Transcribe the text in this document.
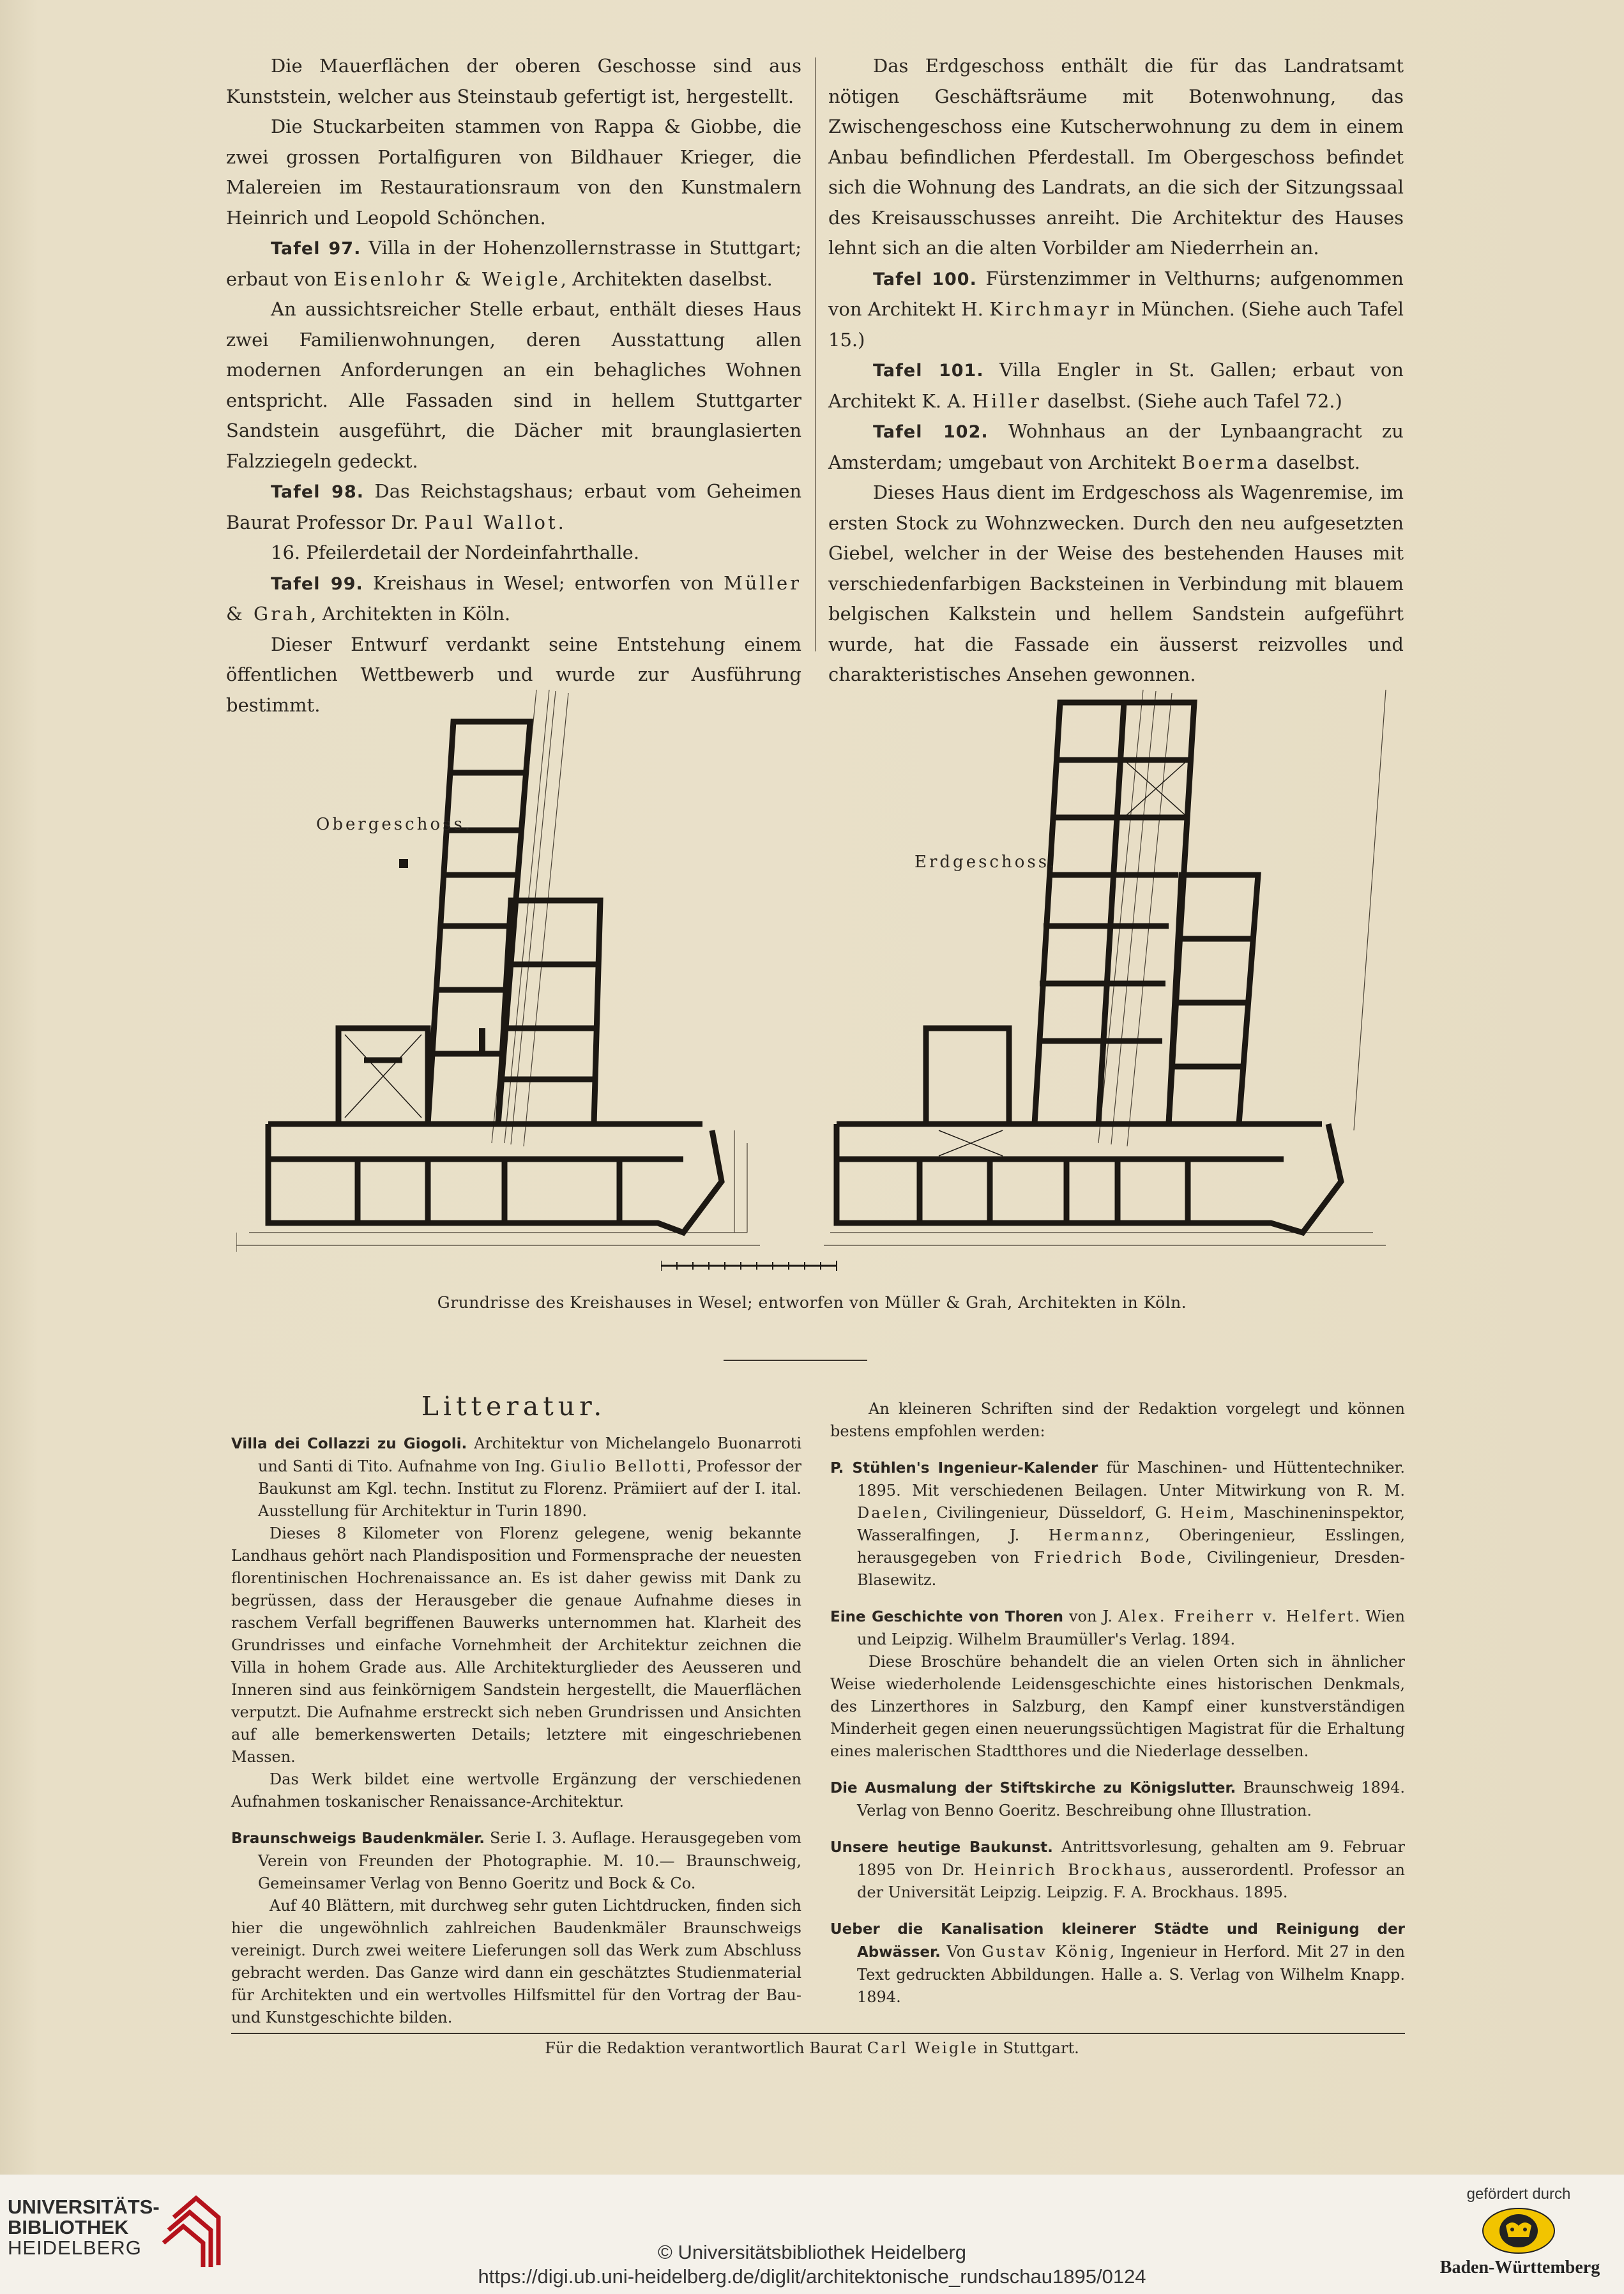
Die Mauerflächen der oberen Geschosse sind aus Kunststein, welcher aus Steinstaub gefertigt ist, hergestellt.

Die Stuckarbeiten stammen von Rappa & Giobbe, die zwei grossen Portalfiguren von Bildhauer Krieger, die Malereien im Restaurationsraum von den Kunstmalern Heinrich und Leopold Schönchen.

Tafel 97. Villa in der Hohenzollernstrasse in Stuttgart; erbaut von Eisenlohr & Weigle, Architekten daselbst.

An aussichtsreicher Stelle erbaut, enthält dieses Haus zwei Familienwohnungen, deren Ausstattung allen modernen Anforderungen an ein behagliches Wohnen entspricht. Alle Fassaden sind in hellem Stuttgarter Sandstein ausgeführt, die Dächer mit braunglasierten Falzziegeln gedeckt.

Tafel 98. Das Reichstagshaus; erbaut vom Geheimen Baurat Professor Dr. Paul Wallot.

16. Pfeilerdetail der Nordeinfahrthalle.

Tafel 99. Kreishaus in Wesel; entworfen von Müller & Grah, Architekten in Köln.

Dieser Entwurf verdankt seine Entstehung einem öffentlichen Wettbewerb und wurde zur Ausführung bestimmt.

Das Erdgeschoss enthält die für das Landratsamt nötigen Geschäftsräume mit Botenwohnung, das Zwischengeschoss eine Kutscherwohnung zu dem in einem Anbau befindlichen Pferdestall. Im Obergeschoss befindet sich die Wohnung des Landrats, an die sich der Sitzungssaal des Kreisausschusses anreiht. Die Architektur des Hauses lehnt sich an die alten Vorbilder am Niederrhein an.

Tafel 100. Fürstenzimmer in Velthurns; aufgenommen von Architekt H. Kirchmayr in München. (Siehe auch Tafel 15.)

Tafel 101. Villa Engler in St. Gallen; erbaut von Architekt K. A. Hiller daselbst. (Siehe auch Tafel 72.)

Tafel 102. Wohnhaus an der Lynbaangracht zu Amsterdam; umgebaut von Architekt Boerma daselbst.

Dieses Haus dient im Erdgeschoss als Wagenremise, im ersten Stock zu Wohnzwecken. Durch den neu aufgesetzten Giebel, welcher in der Weise des bestehenden Hauses mit verschiedenfarbigen Backsteinen in Verbindung mit blauem belgischen Kalkstein und hellem Sandstein aufgeführt wurde, hat die Fassade ein äusserst reizvolles und charakteristisches Ansehen gewonnen.

Obergeschoss.
Erdgeschoss.
Grundrisse des Kreishauses in Wesel; entworfen von Müller & Grah, Architekten in Köln.
Litteratur.

Villa dei Collazzi zu Giogoli. Architektur von Michelangelo Buonarroti und Santi di Tito. Aufnahme von Ing. Giulio Bellotti, Professor der Baukunst am Kgl. techn. Institut zu Florenz. Prämiiert auf der I. ital. Ausstellung für Architektur in Turin 1890.

Dieses 8 Kilometer von Florenz gelegene, wenig bekannte Landhaus gehört nach Plandisposition und Formensprache der neuesten florentinischen Hochrenaissance an. Es ist daher gewiss mit Dank zu begrüssen, dass der Herausgeber die genaue Aufnahme dieses in raschem Verfall begriffenen Bauwerks unternommen hat. Klarheit des Grundrisses und einfache Vornehmheit der Architektur zeichnen die Villa in hohem Grade aus. Alle Architekturglieder des Aeusseren und Inneren sind aus feinkörnigem Sandstein hergestellt, die Mauerflächen verputzt. Die Aufnahme erstreckt sich neben Grundrissen und Ansichten auf alle bemerkenswerten Details; letztere mit eingeschriebenen Massen.

Das Werk bildet eine wertvolle Ergänzung der verschiedenen Aufnahmen toskanischer Renaissance-Architektur.

Braunschweigs Baudenkmäler. Serie I. 3. Auflage. Herausgegeben vom Verein von Freunden der Photographie. M. 10.— Braunschweig, Gemeinsamer Verlag von Benno Goeritz und Bock & Co.

Auf 40 Blättern, mit durchweg sehr guten Lichtdrucken, finden sich hier die ungewöhnlich zahlreichen Baudenkmäler Braunschweigs vereinigt. Durch zwei weitere Lieferungen soll das Werk zum Abschluss gebracht werden. Das Ganze wird dann ein geschätztes Studienmaterial für Architekten und ein wertvolles Hilfsmittel für den Vortrag der Bau- und Kunstgeschichte bilden.

An kleineren Schriften sind der Redaktion vorgelegt und können bestens empfohlen werden:

P. Stühlen's Ingenieur-Kalender für Maschinen- und Hüttentechniker. 1895. Mit verschiedenen Beilagen. Unter Mitwirkung von R. M. Daelen, Civilingenieur, Düsseldorf, G. Heim, Maschineninspektor, Wasseralfingen, J. Hermannz, Oberingenieur, Esslingen, herausgegeben von Friedrich Bode, Civilingenieur, Dresden-Blasewitz.

Eine Geschichte von Thoren von J. Alex. Freiherr v. Helfert. Wien und Leipzig. Wilhelm Braumüller's Verlag. 1894.

Diese Broschüre behandelt die an vielen Orten sich in ähnlicher Weise wiederholende Leidensgeschichte eines historischen Denkmals, des Linzerthores in Salzburg, den Kampf einer kunstverständigen Minderheit gegen einen neuerungssüchtigen Magistrat für die Erhaltung eines malerischen Stadtthores und die Niederlage desselben.

Die Ausmalung der Stiftskirche zu Königslutter. Braunschweig 1894. Verlag von Benno Goeritz. Beschreibung ohne Illustration.

Unsere heutige Baukunst. Antrittsvorlesung, gehalten am 9. Februar 1895 von Dr. Heinrich Brockhaus, ausserordentl. Professor an der Universität Leipzig. Leipzig. F. A. Brockhaus. 1895.

Ueber die Kanalisation kleinerer Städte und Reinigung der Abwässer. Von Gustav König, Ingenieur in Herford. Mit 27 in den Text gedruckten Abbildungen. Halle a. S. Verlag von Wilhelm Knapp. 1894.

Für die Redaktion verantwortlich Baurat Carl Weigle in Stuttgart.
UNIVERSITÄTS-
BIBLIOTHEK
HEIDELBERG	© Universitätsbibliothek Heidelberg
https://digi.ub.uni-heidelberg.de/diglit/architektonische_rundschau1895/0124
gefördert durch
Baden-Württemberg
